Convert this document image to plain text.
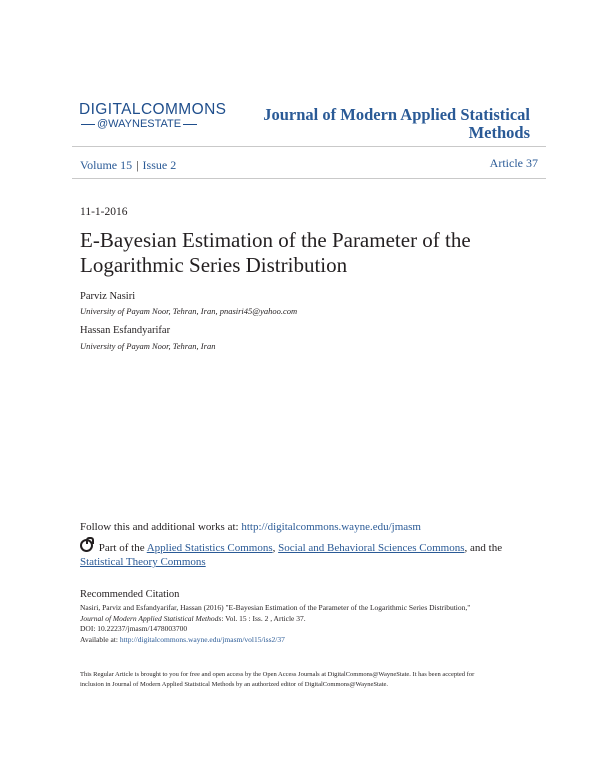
DIGITALCOMMONS
@WAYNESTATE	Journal of Modern Applied Statistical
Methods
Volume 15 | Issue 2	Article 37
11-1-2016
E-Bayesian Estimation of the Parameter of the
Logarithmic Series Distribution
Parviz Nasiri
University of Payam Noor, Tehran, Iran, pnasiri45@yahoo.com
Hassan Esfandyarifar
University of Payam Noor, Tehran, Iran
Follow this and additional works at: http://digitalcommons.wayne.edu/jmasm
Part of the Applied Statistics Commons, Social and Behavioral Sciences Commons, and the
Statistical Theory Commons
Recommended Citation
Nasiri, Parviz and Esfandyarifar, Hassan (2016) "E-Bayesian Estimation of the Parameter of the Logarithmic Series Distribution,"
Journal of Modern Applied Statistical Methods: Vol. 15 : Iss. 2 , Article 37.
DOI: 10.22237/jmasm/1478003700
Available at: http://digitalcommons.wayne.edu/jmasm/vol15/iss2/37
This Regular Article is brought to you for free and open access by the Open Access Journals at DigitalCommons@WayneState. It has been accepted for
inclusion in Journal of Modern Applied Statistical Methods by an authorized editor of DigitalCommons@WayneState.
